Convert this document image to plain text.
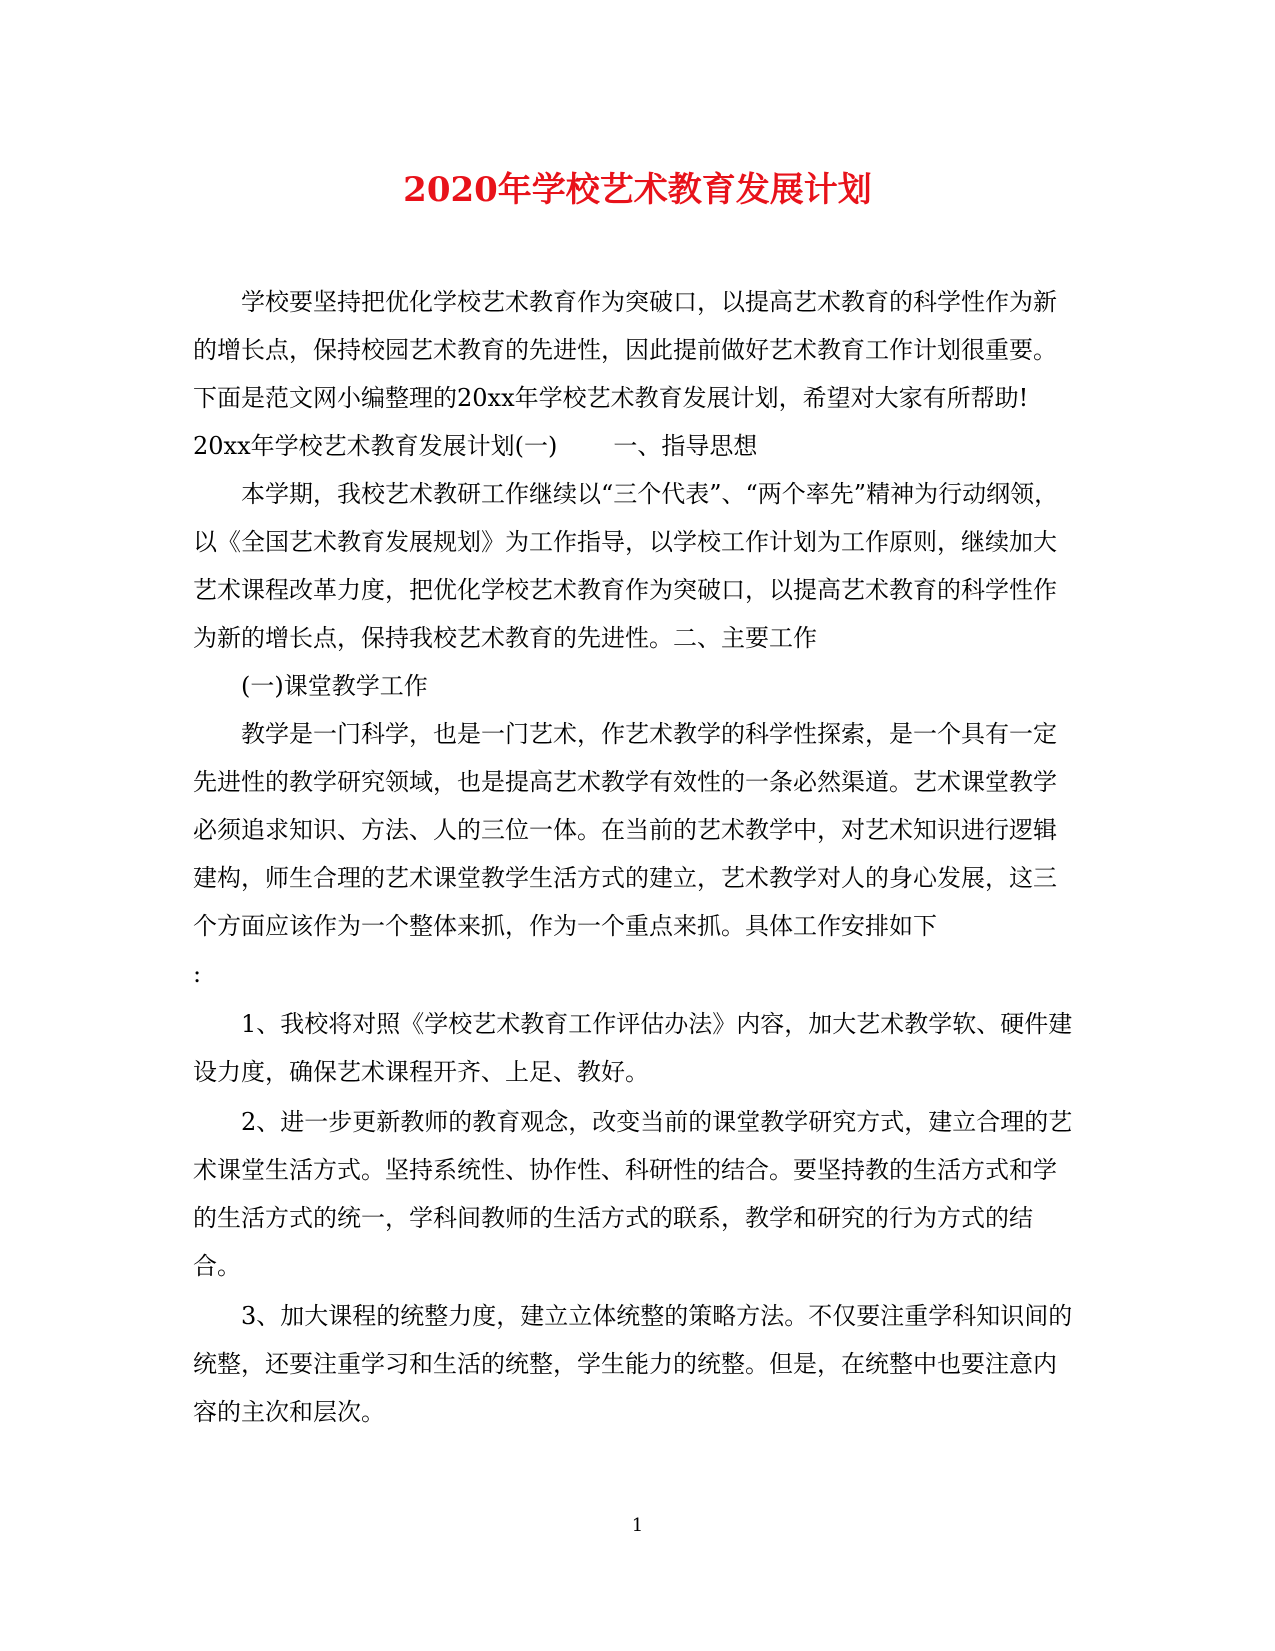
2020年学校艺术教育发展计划

学校要坚持把优化学校艺术教育作为突破口，以提高艺术教育的科学性作为新的增长点，保持校园艺术教育的先进性，因此提前做好艺术教育工作计划很重要。下面是范文网小编整理的20xx年学校艺术教育发展计划，希望对大家有所帮助!

20xx年学校艺术教育发展计划(一) 一、指导思想

本学期，我校艺术教研工作继续以“三个代表”、“两个率先”精神为行动纲领，以《全国艺术教育发展规划》为工作指导，以学校工作计划为工作原则，继续加大艺术课程改革力度，把优化学校艺术教育作为突破口，以提高艺术教育的科学性作为新的增长点，保持我校艺术教育的先进性。二、主要工作

(一)课堂教学工作

教学是一门科学，也是一门艺术，作艺术教学的科学性探索，是一个具有一定先进性的教学研究领域，也是提高艺术教学有效性的一条必然渠道。艺术课堂教学必须追求知识、方法、人的三位一体。在当前的艺术教学中，对艺术知识进行逻辑建构，师生合理的艺术课堂教学生活方式的建立，艺术教学对人的身心发展，这三个方面应该作为一个整体来抓，作为一个重点来抓。具体工作安排如下

:

1、我校将对照《学校艺术教育工作评估办法》内容，加大艺术教学软、硬件建设力度，确保艺术课程开齐、上足、教好。

2、进一步更新教师的教育观念，改变当前的课堂教学研究方式，建立合理的艺术课堂生活方式。坚持系统性、协作性、科研性的结合。要坚持教的生活方式和学的生活方式的统一，学科间教师的生活方式的联系，教学和研究的行为方式的结合。

3、加大课程的统整力度，建立立体统整的策略方法。不仅要注重学科知识间的统整，还要注重学习和生活的统整，学生能力的统整。但是，在统整中也要注意内容的主次和层次。

1
